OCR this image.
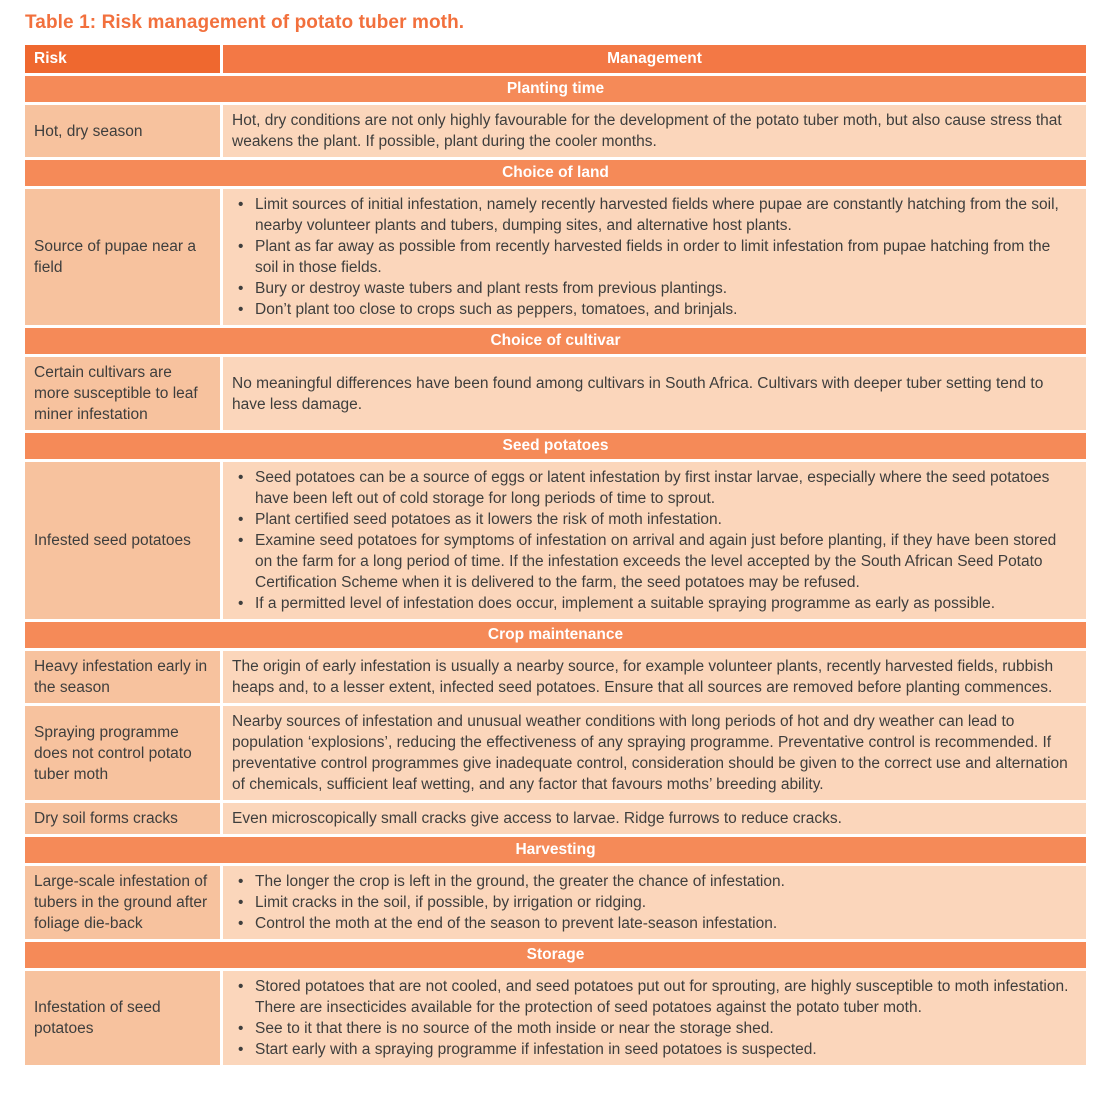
Table 1: Risk management of potato tuber moth.
Risk	Management
Planting time
Hot, dry season

Hot, dry conditions are not only highly favourable for the development of the potato tuber moth, but also cause stress that weakens the plant. If possible, plant during the cooler months.

Choice of land
Source of pupae near a field
• Limit sources of initial infestation, namely recently harvested fields where pupae are constantly hatching from the soil, nearby volunteer plants and tubers, dumping sites, and alternative host plants.
• Plant as far away as possible from recently harvested fields in order to limit infestation from pupae hatching from the soil in those fields.
• Bury or destroy waste tubers and plant rests from previous plantings.
• Don’t plant too close to crops such as peppers, tomatoes, and brinjals.
Choice of cultivar
Certain cultivars are more susceptible to leaf miner infestation

No meaningful differences have been found among cultivars in South Africa. Cultivars with deeper tuber setting tend to have less damage.

Seed potatoes
Infested seed potatoes
• Seed potatoes can be a source of eggs or latent infestation by first instar larvae, especially where the seed potatoes have been left out of cold storage for long periods of time to sprout.
• Plant certified seed potatoes as it lowers the risk of moth infestation.
• Examine seed potatoes for symptoms of infestation on arrival and again just before planting, if they have been stored on the farm for a long period of time. If the infestation exceeds the level accepted by the South African Seed Potato Certification Scheme when it is delivered to the farm, the seed potatoes may be refused.
• If a permitted level of infestation does occur, implement a suitable spraying programme as early as possible.
Crop maintenance
Heavy infestation early in the season

The origin of early infestation is usually a nearby source, for example volunteer plants, recently harvested fields, rubbish heaps and, to a lesser extent, infected seed potatoes. Ensure that all sources are removed before planting commences.

Spraying programme does not control potato tuber moth

Nearby sources of infestation and unusual weather conditions with long periods of hot and dry weather can lead to population ‘explosions’, reducing the effectiveness of any spraying programme. Preventative control is recommended. If preventative control programmes give inadequate control, consideration should be given to the correct use and alternation of chemicals, sufficient leaf wetting, and any factor that favours moths’ breeding ability.

Dry soil forms cracks	Even microscopically small cracks give access to larvae. Ridge furrows to reduce cracks.

Harvesting
Large-scale infestation of tubers in the ground after foliage die-back
• The longer the crop is left in the ground, the greater the chance of infestation.
• Limit cracks in the soil, if possible, by irrigation or ridging.
• Control the moth at the end of the season to prevent late-season infestation.
Storage
Infestation of seed potatoes
• Stored potatoes that are not cooled, and seed potatoes put out for sprouting, are highly susceptible to moth infestation. There are insecticides available for the protection of seed potatoes against the potato tuber moth.
• See to it that there is no source of the moth inside or near the storage shed.
• Start early with a spraying programme if infestation in seed potatoes is suspected.
